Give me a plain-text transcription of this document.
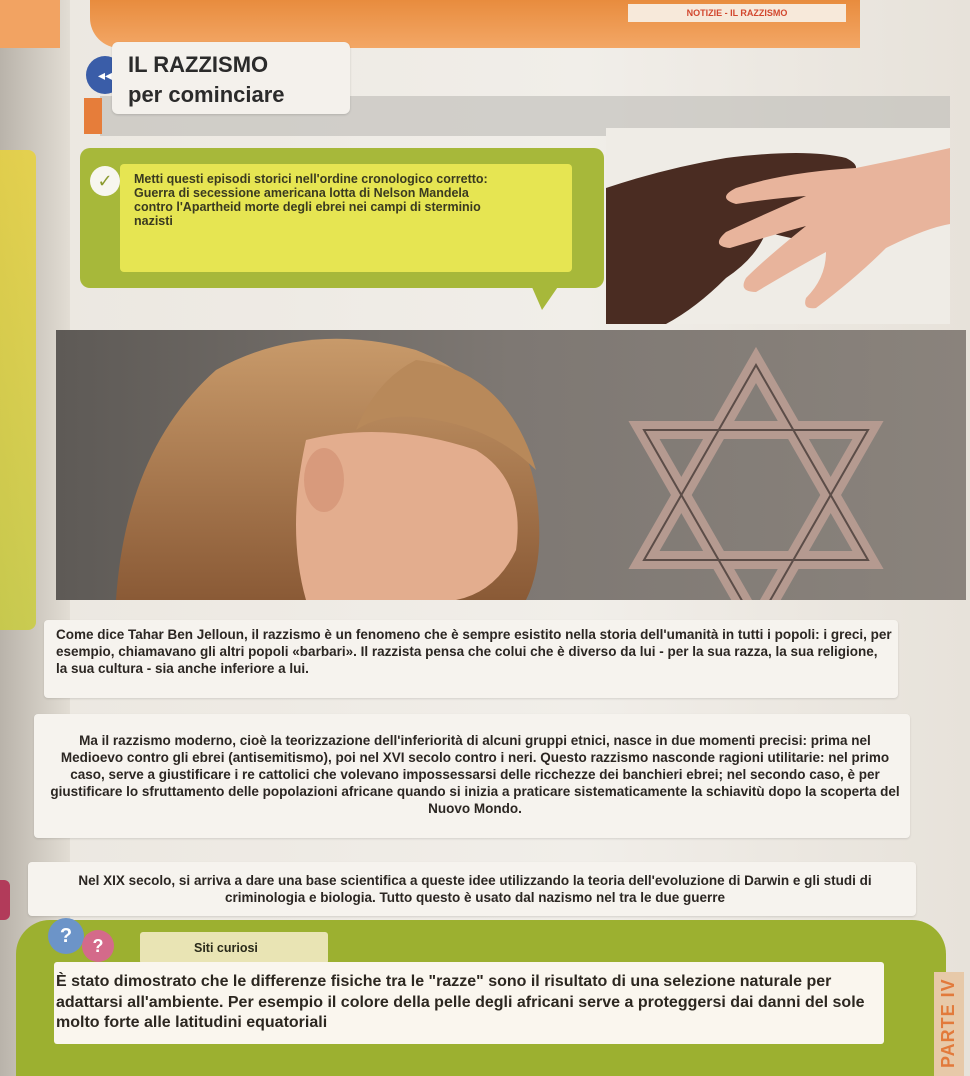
NOTIZIE - IL RAZZISMO
◂◂ IL RAZZISMO
per cominciare
✓	Metti questi episodi storici nell'ordine cronologico corretto:
Guerra di secessione americana lotta di Nelson Mandela
contro l'Apartheid morte degli ebrei nei campi di sterminio
nazisti
Come dice Tahar Ben Jelloun, il razzismo è un fenomeno che è sempre esistito nella storia dell'umanità in tutti i popoli: i greci, per esempio, chiamavano gli altri popoli «barbari». Il razzista pensa che colui che è diverso da lui - per la sua razza, la sua religione, la sua cultura - sia anche inferiore a lui.
Ma il razzismo moderno, cioè la teorizzazione dell'inferiorità di alcuni gruppi etnici, nasce in due momenti precisi: prima nel Medioevo contro gli ebrei (antisemitismo), poi nel XVI secolo contro i neri. Questo razzismo nasconde ragioni utilitarie: nel primo caso, serve a giustificare i re cattolici che volevano impossessarsi delle ricchezze dei banchieri ebrei; nel secondo caso, è per giustificare lo sfruttamento delle popolazioni africane quando si inizia a praticare sistematicamente la schiavitù dopo la scoperta del Nuovo Mondo.
Nel XIX secolo, si arriva a dare una base scientifica a queste idee utilizzando la teoria dell'evoluzione di Darwin e gli studi di criminologia e biologia. Tutto questo è usato dal nazismo nel tra le due guerre
Siti curiosi
?	?
È stato dimostrato che le differenze fisiche tra le "razze" sono il risultato di una selezione naturale per adattarsi all'ambiente. Per esempio il colore della pelle degli africani serve a proteggersi dai danni del sole molto forte alle latitudini equatoriali	PARTE IV
